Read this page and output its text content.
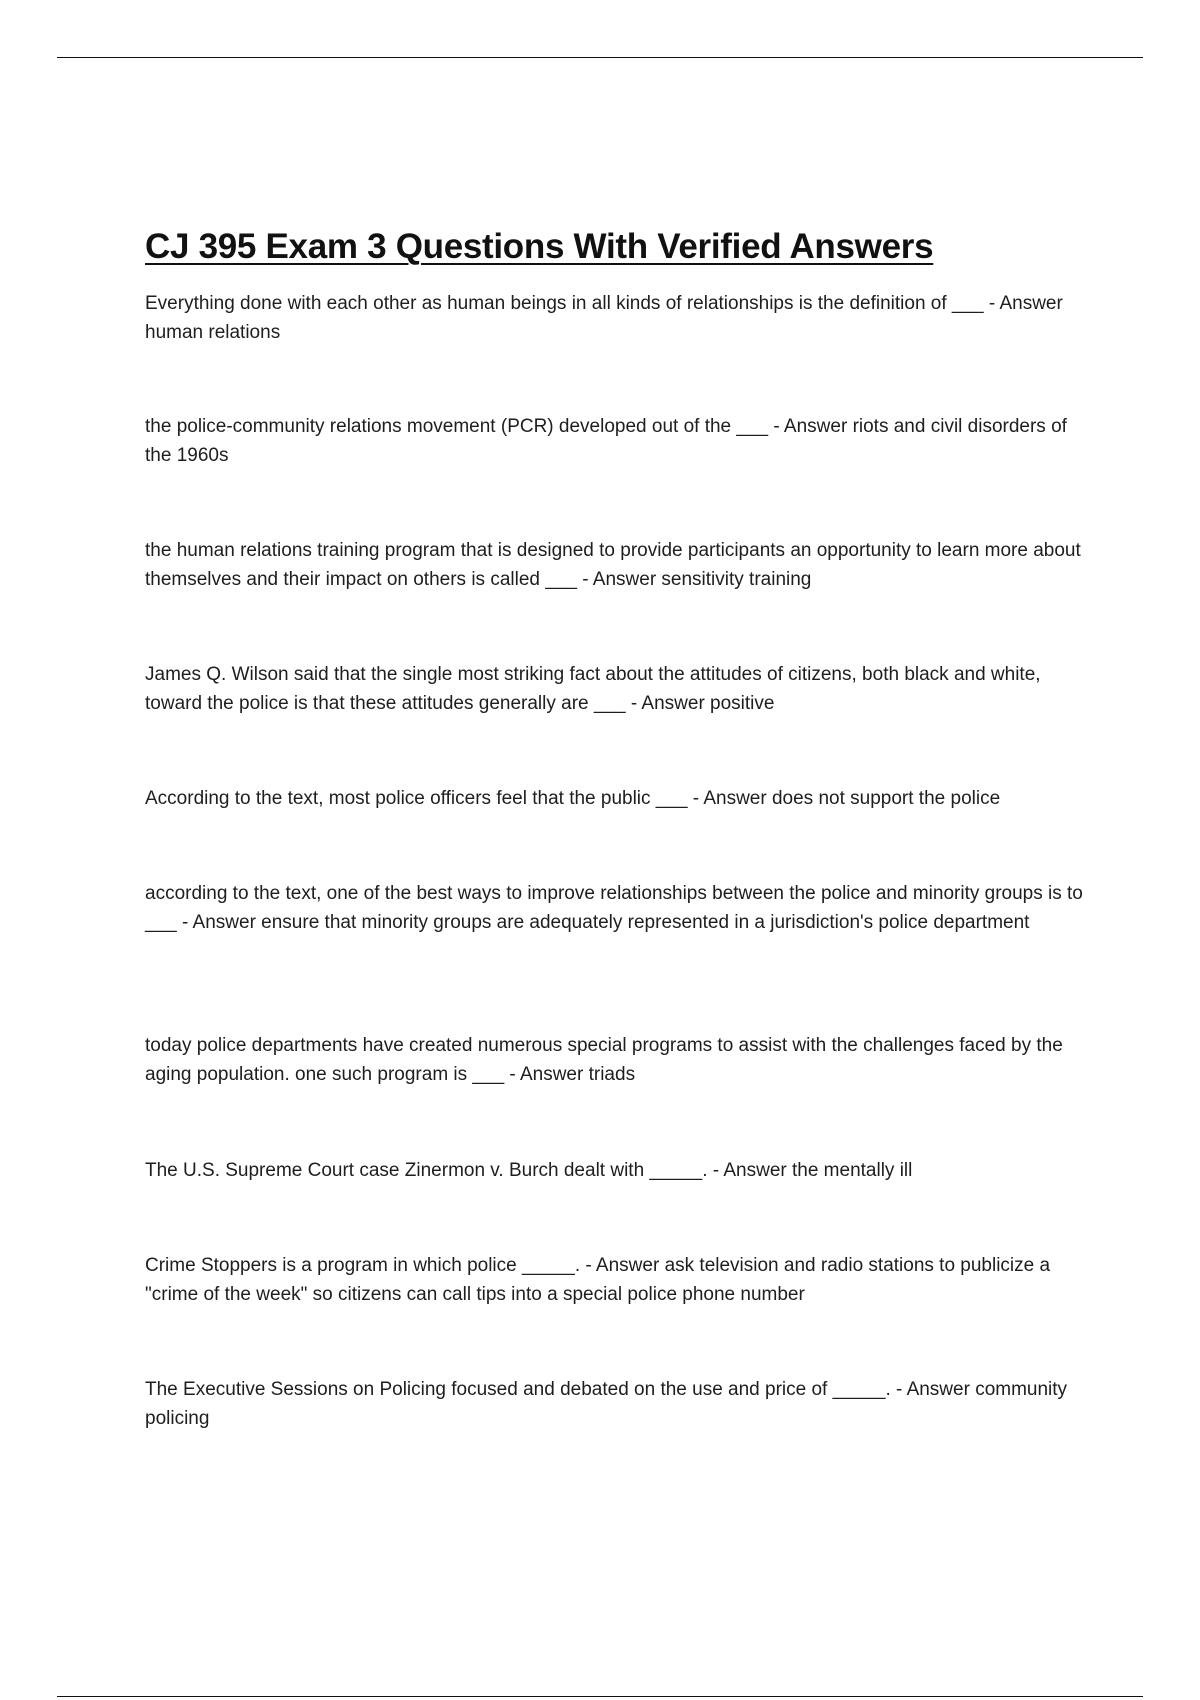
CJ 395 Exam 3 Questions With Verified Answers

Everything done with each other as human beings in all kinds of relationships is the definition of ___ - Answer human relations

the police-community relations movement (PCR) developed out of the ___ - Answer riots and civil disorders of the 1960s

the human relations training program that is designed to provide participants an opportunity to learn more about themselves and their impact on others is called ___ - Answer sensitivity training

James Q. Wilson said that the single most striking fact about the attitudes of citizens, both black and white, toward the police is that these attitudes generally are ___ - Answer positive

According to the text, most police officers feel that the public ___ - Answer does not support the police

according to the text, one of the best ways to improve relationships between the police and minority groups is to ___ - Answer ensure that minority groups are adequately represented in a jurisdiction's police department

today police departments have created numerous special programs to assist with the challenges faced by the aging population. one such program is ___ - Answer triads

The U.S. Supreme Court case Zinermon v. Burch dealt with _____. - Answer the mentally ill

Crime Stoppers is a program in which police _____. - Answer ask television and radio stations to publicize a "crime of the week" so citizens can call tips into a special police phone number

The Executive Sessions on Policing focused and debated on the use and price of _____. - Answer community policing
